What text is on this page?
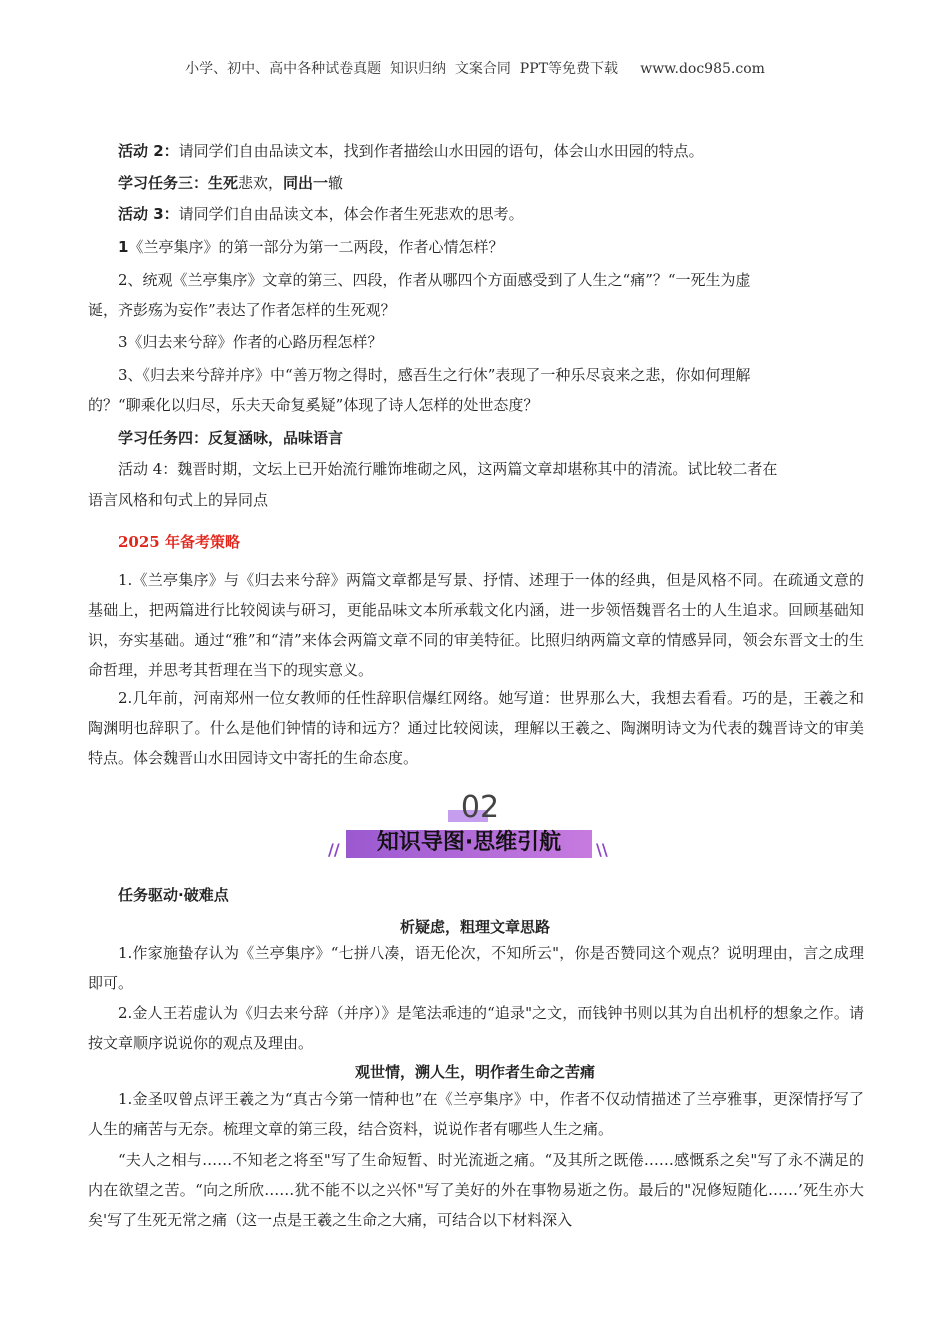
小学、初中、高中各种试卷真题  知识归纳  文案合同  PPT等免费下载     www.doc985.com
活动 2：请同学们自由品读文本，找到作者描绘山水田园的语句，体会山水田园的特点。
学习任务三：生死悲欢，同出一辙
活动 3：请同学们自由品读文本，体会作者生死悲欢的思考。
1《兰亭集序》的第一部分为第一二两段，作者心情怎样？
2、统观《兰亭集序》文章的第三、四段，作者从哪四个方面感受到了人生之“痛”？“一死生为虚
诞，齐彭殇为妄作”表达了作者怎样的生死观？
3《归去来兮辞》作者的心路历程怎样？
3、《归去来兮辞并序》中“善万物之得时，感吾生之行休”表现了一种乐尽哀来之悲，你如何理解
的？“聊乘化以归尽，乐夫天命复奚疑”体现了诗人怎样的处世态度？
学习任务四：反复涵咏，品味语言
活动 4：魏晋时期，文坛上已开始流行雕饰堆砌之风，这两篇文章却堪称其中的清流。试比较二者在
语言风格和句式上的异同点
2025 年备考策略
1.《兰亭集序》与《归去来兮辞》两篇文章都是写景、抒情、述理于一体的经典，但是风格不同。在疏通文意的基础上，把两篇进行比较阅读与研习，更能品味文本所承载文化内涵，进一步领悟魏晋名士的人生追求。回顾基础知识，夯实基础。通过“雅”和“清”来体会两篇文章不同的审美特征。比照归纳两篇文章的情感异同，领会东晋文士的生命哲理，并思考其哲理在当下的现实意义。
2.几年前，河南郑州一位女教师的任性辞职信爆红网络。她写道：世界那么大，我想去看看。巧的是，王羲之和陶渊明也辞职了。什么是他们钟情的诗和远方？通过比较阅读，理解以王羲之、陶渊明诗文为代表的魏晋诗文的审美特点。体会魏晋山水田园诗文中寄托的生命态度。
02
//	知识导图·思维引航	\\
任务驱动·破难点
析疑虑，粗理文章思路
1.作家施蛰存认为《兰亭集序》“七拼八凑，语无伦次，不知所云"，你是否赞同这个观点？说明理由，言之成理即可。
2.金人王若虚认为《归去来兮辞（并序）》是笔法乖违的“追录"之文，而钱钟书则以其为自出机杼的想象之作。请按文章顺序说说你的观点及理由。
观世情，溯人生，明作者生命之苦痛
1.金圣叹曾点评王羲之为“真古今第一情种也”在《兰亭集序》中，作者不仅动情描述了兰亭雅事，更深情抒写了人生的痛苦与无奈。梳理文章的第三段，结合资料，说说作者有哪些人生之痛。
“夫人之相与……不知老之将至"写了生命短暂、时光流逝之痛。“及其所之既倦……感慨系之矣"写了永不满足的内在欲望之苦。“向之所欣……犹不能不以之兴怀"写了美好的外在事物易逝之伤。最后的"况修短随化……’死生亦大矣'写了生死无常之痛（这一点是王羲之生命之大痛，可结合以下材料深入
